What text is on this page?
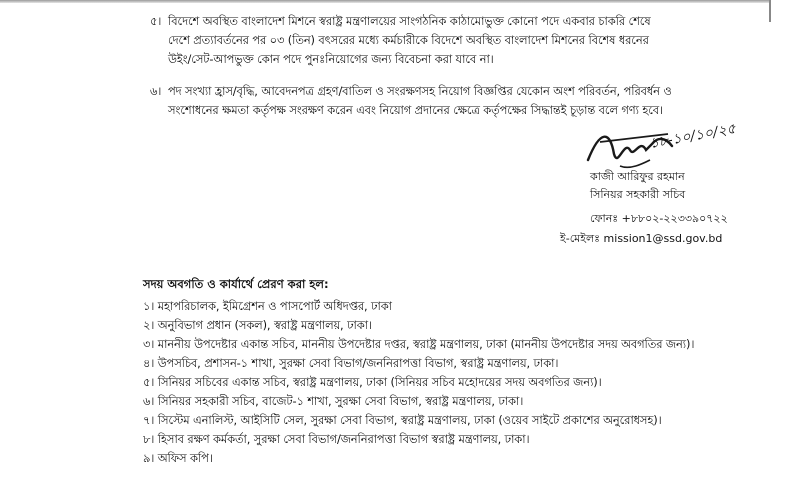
৫। বিদেশে অবস্থিত বাংলাদেশ মিশনে স্বরাষ্ট্র মন্ত্রণালয়ের সাংগঠনিক কাঠামোভুক্ত কোনো পদে একবার চাকরি শেষে
দেশে প্রত্যাবর্তনের পর ০৩ (তিন) বৎসরের মধ্যে কর্মচারীকে বিদেশে অবস্থিত বাংলাদেশ মিশনের বিশেষ ধরনের
উইং/সেট-আপভুক্ত কোন পদে পুনঃনিয়োগের জন্য বিবেচনা করা যাবে না।
৬। পদ সংখ্যা হ্রাস/বৃদ্ধি, আবেদনপত্র গ্রহণ/বাতিল ও সংরক্ষণসহ নিয়োগ বিজ্ঞপ্তির যেকোন অংশ পরিবর্তন, পরিবর্ধন ও
সংশোধনের ক্ষমতা কর্তৃপক্ষ সংরক্ষণ করেন এবং নিয়োগ প্রদানের ক্ষেত্রে কর্তৃপক্ষের সিদ্ধান্তই চূড়ান্ত বলে গণ্য হবে।
১৮-১০/১০/২৫
কাজী আরিফুর রহমান
সিনিয়র সহকারী সচিব
ফোনঃ +৮৮০২-২২৩৩৯০৭২২
ই-মেইলঃ mission1@ssd.gov.bd
সদয় অবগতি ও কার্যার্থে প্রেরণ করা হল:
১। মহাপরিচালক, ইমিগ্রেশন ও পাসপোর্ট অধিদপ্তর, ঢাকা
২। অনুবিভাগ প্রধান (সকল), স্বরাষ্ট্র মন্ত্রণালয়, ঢাকা।
৩। মাননীয় উপদেষ্টার একান্ত সচিব, মাননীয় উপদেষ্টার দপ্তর, স্বরাষ্ট্র মন্ত্রণালয়, ঢাকা (মাননীয় উপদেষ্টার সদয় অবগতির জন্য)।
৪। উপসচিব, প্রশাসন-১ শাখা, সুরক্ষা সেবা বিভাগ/জননিরাপত্তা বিভাগ, স্বরাষ্ট্র মন্ত্রণালয়, ঢাকা।
৫। সিনিয়র সচিবের একান্ত সচিব, স্বরাষ্ট্র মন্ত্রণালয়, ঢাকা (সিনিয়র সচিব মহোদয়ের সদয় অবগতির জন্য)।
৬। সিনিয়র সহকারী সচিব, বাজেট-১ শাখা, সুরক্ষা সেবা বিভাগ, স্বরাষ্ট্র মন্ত্রণালয়, ঢাকা।
৭। সিস্টেম এনালিস্ট, আইসিটি সেল, সুরক্ষা সেবা বিভাগ, স্বরাষ্ট্র মন্ত্রণালয়, ঢাকা (ওয়েব সাইটে প্রকাশের অনুরোধসহ)।
৮। হিসাব রক্ষণ কর্মকর্তা, সুরক্ষা সেবা বিভাগ/জননিরাপত্তা বিভাগ স্বরাষ্ট্র মন্ত্রণালয়, ঢাকা।
৯। অফিস কপি।
